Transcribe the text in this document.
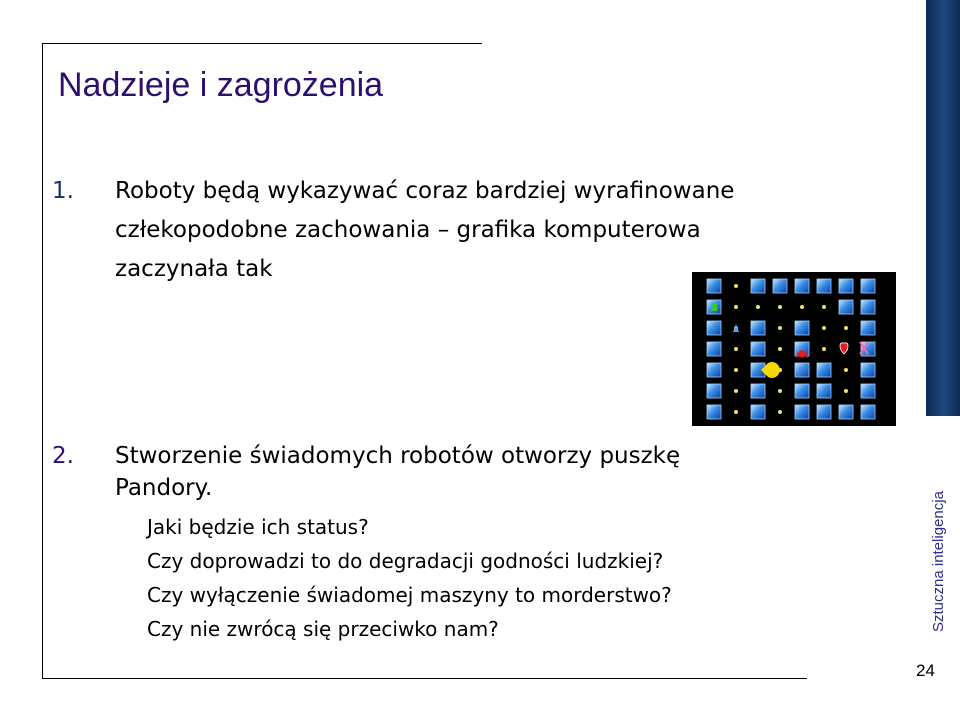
Nadzieje i zagrożenia
1.	Roboty będą wykazywać coraz bardziej wyrafinowane
człekopodobne zachowania – grafika komputerowa
zaczynała tak
2.	Stworzenie świadomych robotów otworzy puszkę
Pandory.
Jaki będzie ich status?
Czy doprowadzi to do degradacji godności ludzkiej?
Czy wyłączenie świadomej maszyny to morderstwo?
Czy nie zwrócą się przeciwko nam?	Sztuczna inteligencja
24
